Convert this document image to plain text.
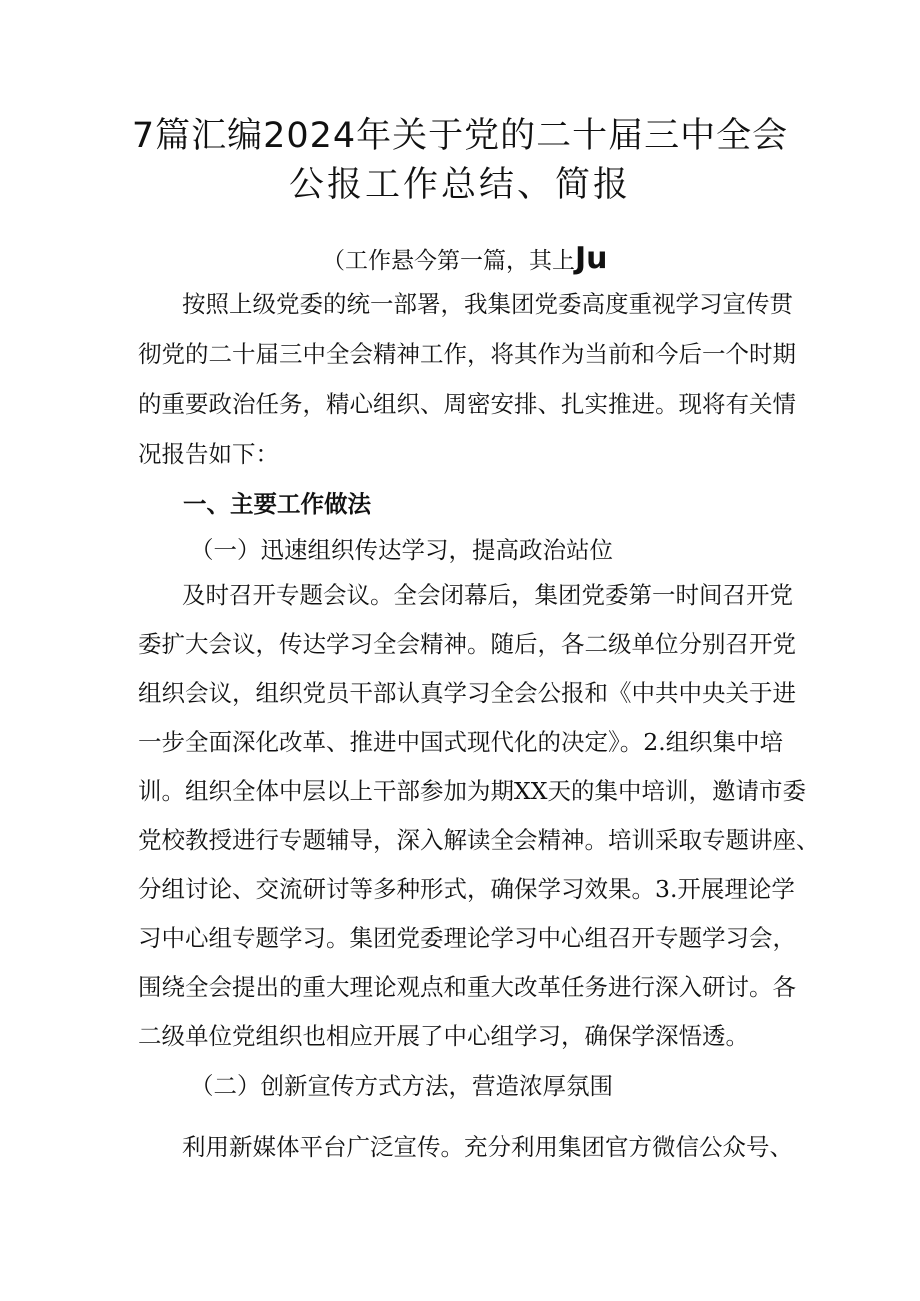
7篇汇编2024年关于党的二十届三中全会
公报工作总结、简报
（工作悬今第一篇，其上Ju
按照上级党委的统一部署，我集团党委高度重视学习宣传贯
彻党的二十届三中全会精神工作，将其作为当前和今后一个时期
的重要政治任务，精心组织、周密安排、扎实推进。现将有关情
况报告如下：
一、主要工作做法
（一）迅速组织传达学习，提高政治站位
及时召开专题会议。全会闭幕后，集团党委第一时间召开党
委扩大会议，传达学习全会精神。随后，各二级单位分别召开党
组织会议，组织党员干部认真学习全会公报和《中共中央关于进
一步全面深化改革、推进中国式现代化的决定》。2.组织集中培
训。组织全体中层以上干部参加为期XX天的集中培训，邀请市委
党校教授进行专题辅导，深入解读全会精神。培训采取专题讲座、
分组讨论、交流研讨等多种形式，确保学习效果。3.开展理论学
习中心组专题学习。集团党委理论学习中心组召开专题学习会，
围绕全会提出的重大理论观点和重大改革任务进行深入研讨。各
二级单位党组织也相应开展了中心组学习，确保学深悟透。
（二）创新宣传方式方法，营造浓厚氛围
利用新媒体平台广泛宣传。充分利用集团官方微信公众号、
